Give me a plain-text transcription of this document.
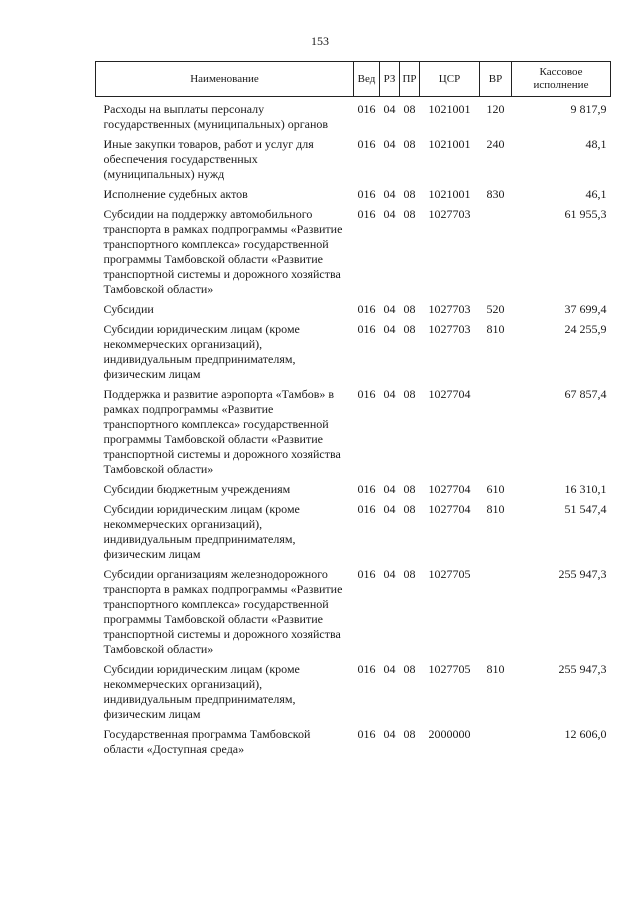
153
Наименование	Вед	РЗ	ПР	ЦСР	ВР	Кассовое исполнение
Расходы на выплаты персоналу государственных (муниципальных) органов	016	04	08	1021001	120	9 817,9
Иные закупки товаров, работ и услуг для обеспечения государственных (муниципальных) нужд	016	04	08	1021001	240	48,1
Исполнение судебных актов	016	04	08	1021001	830	46,1
Субсидии на поддержку автомобильного транспорта в рамках подпрограммы «Развитие транспортного комплекса» государственной программы Тамбовской области «Развитие транспортной системы и дорожного хозяйства Тамбовской области»	016	04	08	1027703		61 955,3
Субсидии	016	04	08	1027703	520	37 699,4
Субсидии юридическим лицам (кроме некоммерческих организаций), индивидуальным предпринимателям, физическим лицам	016	04	08	1027703	810	24 255,9
Поддержка и развитие аэропорта «Тамбов» в рамках подпрограммы «Развитие транспортного комплекса» государственной программы Тамбовской области «Развитие транспортной системы и дорожного хозяйства Тамбовской области»	016	04	08	1027704		67 857,4
Субсидии бюджетным учреждениям	016	04	08	1027704	610	16 310,1
Субсидии юридическим лицам (кроме некоммерческих организаций), индивидуальным предпринимателям, физическим лицам	016	04	08	1027704	810	51 547,4
Субсидии организациям железнодорожного транспорта в рамках подпрограммы «Развитие транспортного комплекса» государственной программы Тамбовской области «Развитие транспортной системы и дорожного хозяйства Тамбовской области»	016	04	08	1027705		255 947,3
Субсидии юридическим лицам (кроме некоммерческих организаций), индивидуальным предпринимателям, физическим лицам	016	04	08	1027705	810	255 947,3
Государственная программа Тамбовской области «Доступная среда»	016	04	08	2000000		12 606,0
